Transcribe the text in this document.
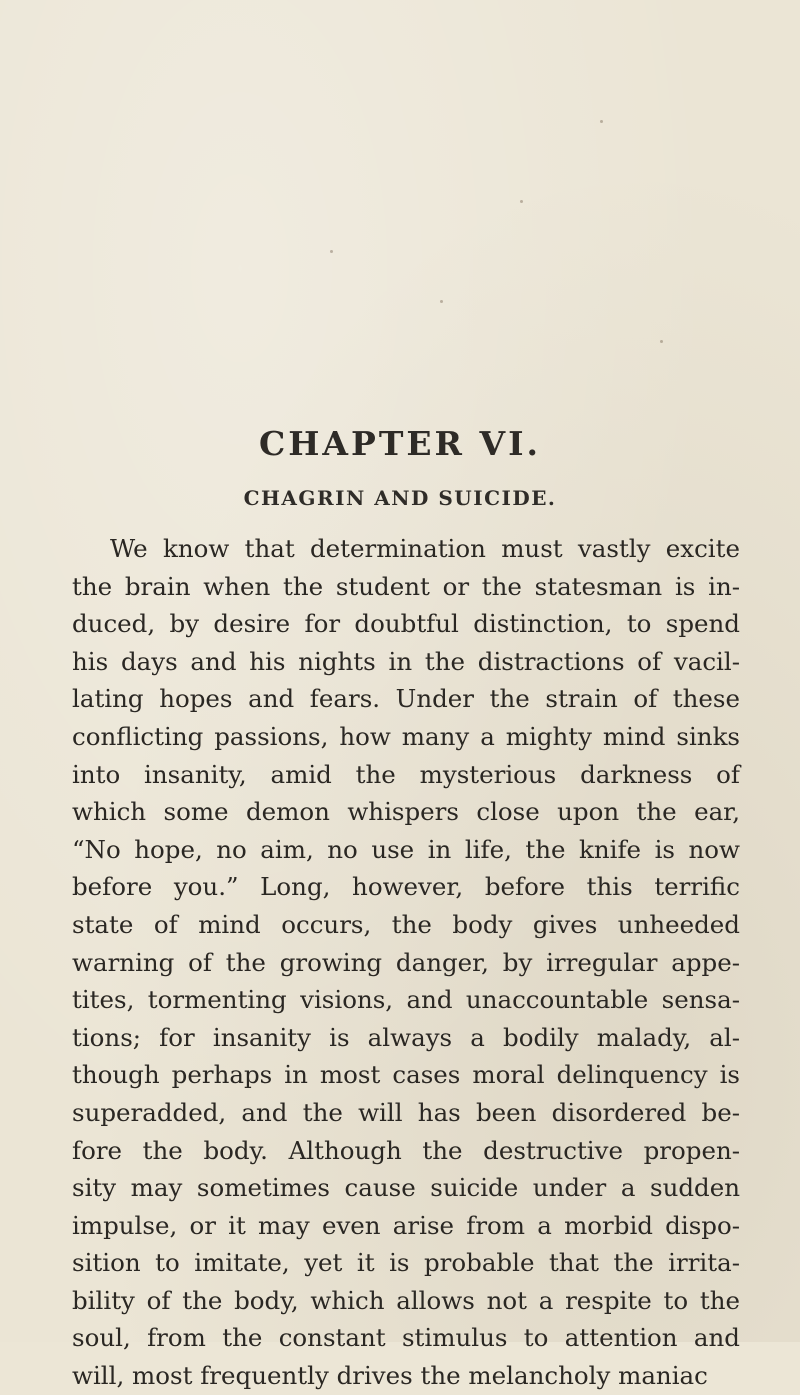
CHAPTER VI.
CHAGRIN AND SUICIDE.

We know that determination must vastly excite
the brain when the student or the statesman is in-
duced, by desire for doubtful distinction, to spend
his days and his nights in the distractions of vacil-
lating hopes and fears. Under the strain of these
conflicting passions, how many a mighty mind sinks
into insanity, amid the mysterious darkness of
which some demon whispers close upon the ear,
“No hope, no aim, no use in life, the knife is now
before you.” Long, however, before this terrific
state of mind occurs, the body gives unheeded
warning of the growing danger, by irregular appe-
tites, tormenting visions, and unaccountable sensa-
tions; for insanity is always a bodily malady, al-
though perhaps in most cases moral delinquency is
superadded, and the will has been disordered be-
fore the body. Although the destructive propen-
sity may sometimes cause suicide under a sudden
impulse, or it may even arise from a morbid dispo-
sition to imitate, yet it is probable that the irrita-
bility of the body, which allows not a respite to the
soul, from the constant stimulus to attention and
will, most frequently drives the melancholy maniac
